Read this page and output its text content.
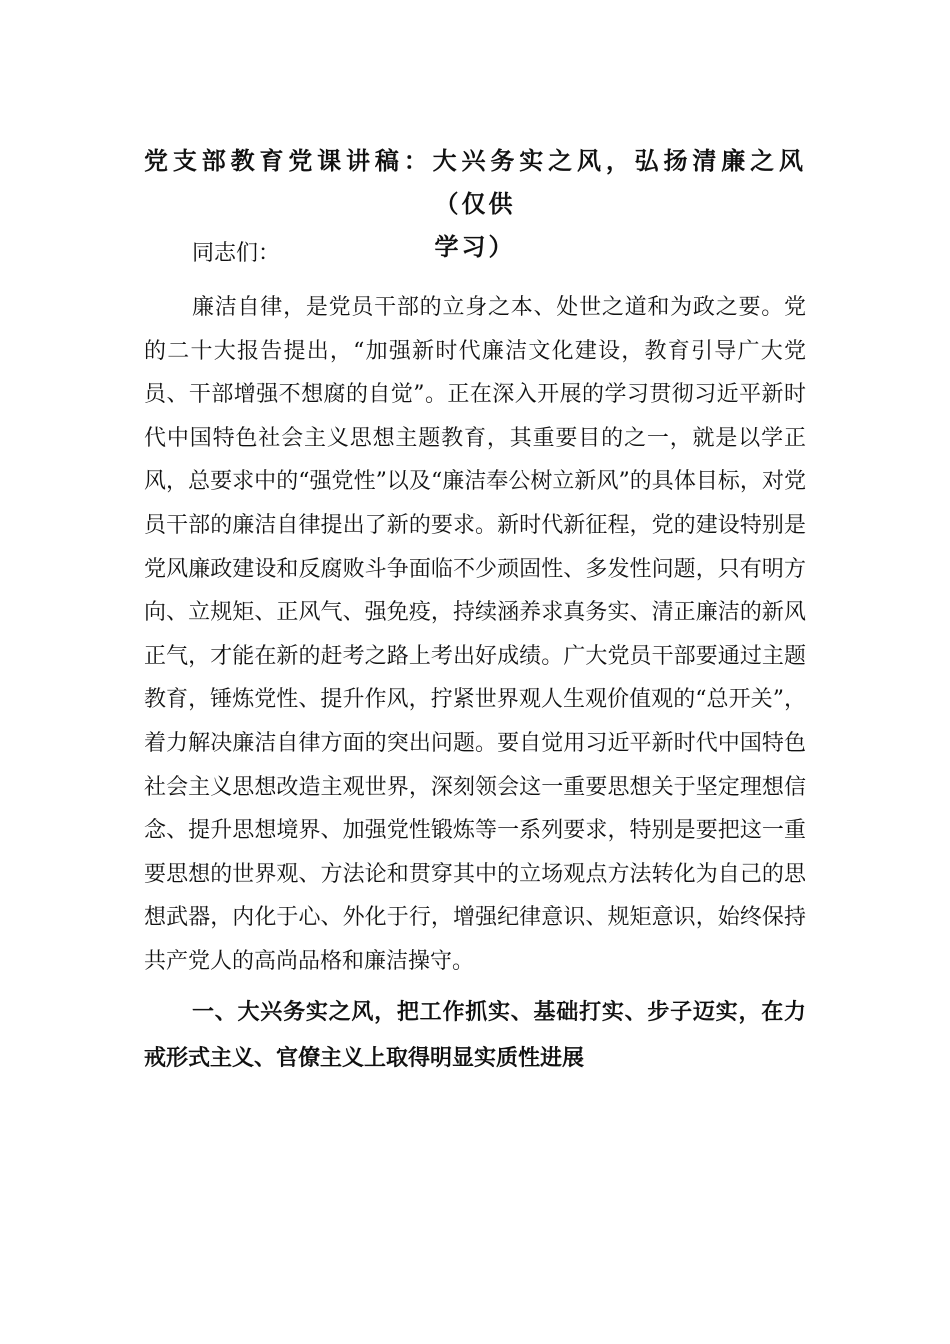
党支部教育党课讲稿：大兴务实之风，弘扬清廉之风（仅供
学习）

同志们：

廉洁自律，是党员干部的立身之本、处世之道和为政之要。党的二十大报告提出，“加强新时代廉洁文化建设，教育引导广大党员、干部增强不想腐的自觉”。正在深入开展的学习贯彻习近平新时代中国特色社会主义思想主题教育，其重要目的之一，就是以学正风，总要求中的“强党性”以及“廉洁奉公树立新风”的具体目标，对党员干部的廉洁自律提出了新的要求。新时代新征程，党的建设特别是党风廉政建设和反腐败斗争面临不少顽固性、多发性问题，只有明方向、立规矩、正风气、强免疫，持续涵养求真务实、清正廉洁的新风正气，才能在新的赶考之路上考出好成绩。广大党员干部要通过主题教育，锤炼党性、提升作风，拧紧世界观人生观价值观的“总开关”，着力解决廉洁自律方面的突出问题。要自觉用习近平新时代中国特色社会主义思想改造主观世界，深刻领会这一重要思想关于坚定理想信念、提升思想境界、加强党性锻炼等一系列要求，特别是要把这一重要思想的世界观、方法论和贯穿其中的立场观点方法转化为自己的思想武器，内化于心、外化于行，增强纪律意识、规矩意识，始终保持共产党人的高尚品格和廉洁操守。

一、大兴务实之风，把工作抓实、基础打实、步子迈实，在力戒形式主义、官僚主义上取得明显实质性进展
